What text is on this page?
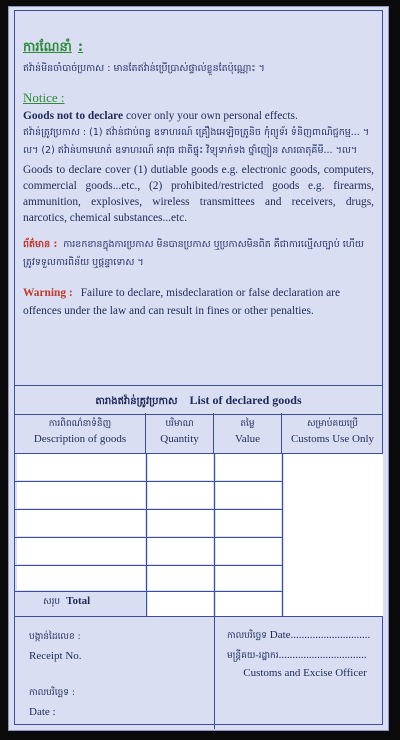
ការណែនាំ :
ឥវ៉ាន់មិនចាំបាច់ប្រកាស : មានតែឥវ៉ាន់ប្រើប្រាស់ផ្ទាល់ខ្លួនតែប៉ុណ្ណោះ ។
Notice :
Goods not to declare cover only your own personal effects.
ឥវ៉ាន់ត្រូវប្រកាស : (1) ឥវ៉ាន់ជាប់ពន្ធ ឧទាហរណ៍ គ្រឿងអេឡិចត្រូនិច កុំព្យូទ័រ ទំនិញពាណិជ្ជកម្ម... ។ល។ (2) ឥវ៉ាន់ហាមឃាត់ ឧទាហរណ៍ អាវុធ ជាតិផ្ទុះ វិទ្យុទាក់ទង ថ្នាំញៀន សារធាតុគីមី... ។ល។
Goods to declare cover (1) dutiable goods e.g. electronic goods, computers, commercial goods...etc., (2) prohibited/restricted goods e.g. firearms, ammunition, explosives, wireless transmittees and receivers, drugs, narcotics, chemical substances...etc.
ព័ត៌មាន : ការខកខានក្នុងការប្រកាស មិនបានប្រកាស ឬប្រកាសមិនពិត គឺជាការល្មើសច្បាប់ ហើយត្រូវទទួលការពិន័យ ឬផ្តន្ទាទោស ។
Warning : Failure to declare, misdeclaration or false declaration are offences under the law and can result in fines or other penalties.
តារាងឥវ៉ាន់ត្រូវប្រកាស List of declared goods
ការពិពណ៌នាទំនិញ
Description of goods
បរិមាណ
Quantity
តម្លៃ
Value
សម្រាប់គយប្រើ
Customs Use Only
សរុប Total
បង្កាន់ដៃលេខ :
Receipt No.
កាលបរិច្ឆេទ :
Date :
កាលបរិច្ឆេទ Date.............................
មន្ត្រីគយ-រដ្ឋាករ................................
Customs and Excise Officer
